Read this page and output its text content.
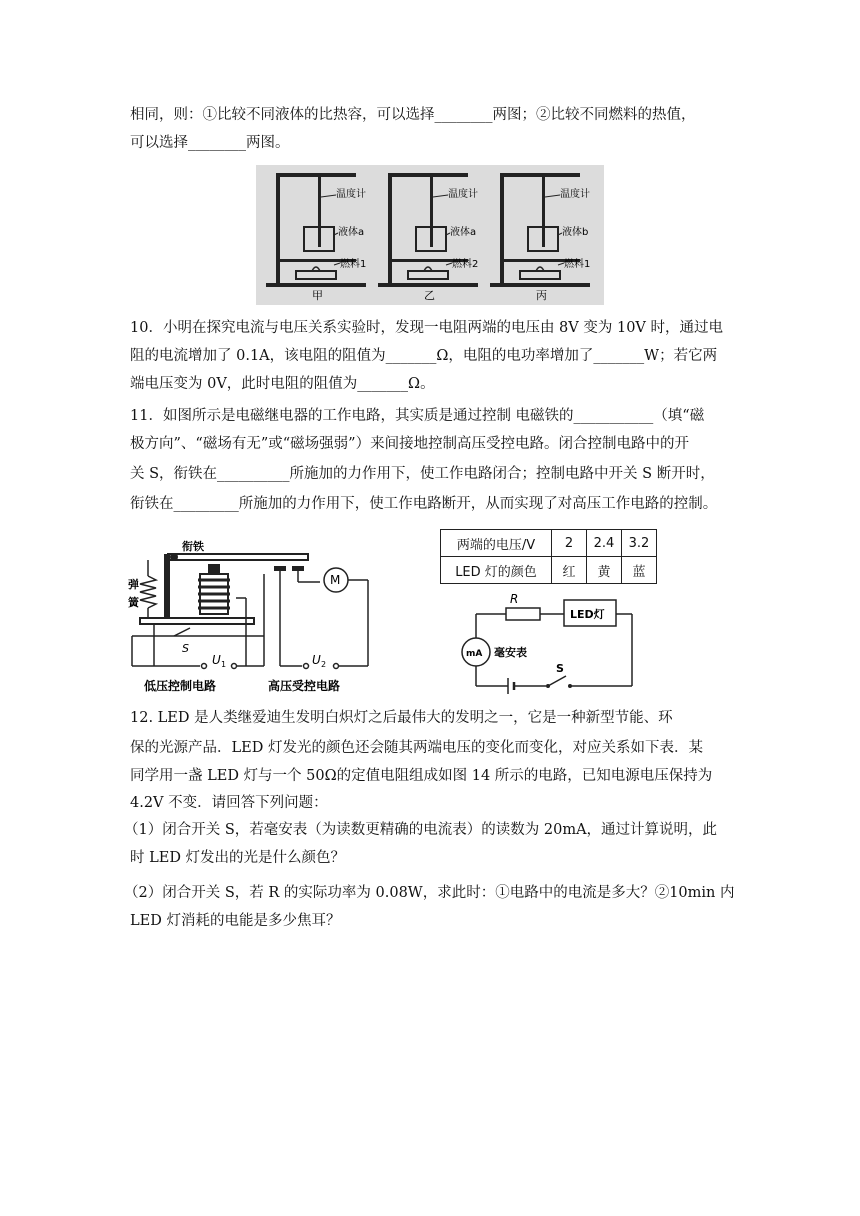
相同，则：①比较不同液体的比热容，可以选择________两图；②比较不同燃料的热值，
可以选择________两图。
温度计
液体a
燃料1
甲
温度计
液体a
燃料2
乙
温度计
液体b
燃料1
丙
10．小明在探究电流与电压关系实验时，发现一电阻两端的电压由 8V 变为 10V 时，通过电
阻的电流增加了 0.1A，该电阻的阻值为_______Ω，电阻的电功率增加了_______W；若它两
端电压变为 0V，此时电阻的阻值为_______Ω。
11．如图所示是电磁继电器的工作电路，其实质是通过控制 电磁铁的___________（填“磁
极方向”、“磁场有无”或“磁场强弱”）来间接地控制高压受控电路。闭合控制电路中的开
关 S，衔铁在__________所施加的力作用下，使工作电路闭合；控制电路中开关 S 断开时，
衔铁在_________所施加的力作用下，使工作电路断开，从而实现了对高压工作电路的控制。
衔铁
弹
簧
S
U 1
M
U 2
低压控制电路	高压受控电路
两端的电压/V	2	2.4	3.2
LED 灯的颜色	红	黄	蓝
R
LED灯
mA 毫安表
S
12. LED 是人类继爱迪生发明白炽灯之后最伟大的发明之一，它是一种新型节能、环
保的光源产品．LED 灯发光的颜色还会随其两端电压的变化而变化，对应关系如下表．某
同学用一盏 LED 灯与一个 50Ω的定值电阻组成如图 14 所示的电路，已知电源电压保持为
4.2V 不变．请回答下列问题：
（1）闭合开关 S，若毫安表（为读数更精确的电流表）的读数为 20mA，通过计算说明，此
时 LED 灯发出的光是什么颜色？
（2）闭合开关 S，若 R 的实际功率为 0.08W，求此时：①电路中的电流是多大？②10min 内
LED 灯消耗的电能是多少焦耳？
